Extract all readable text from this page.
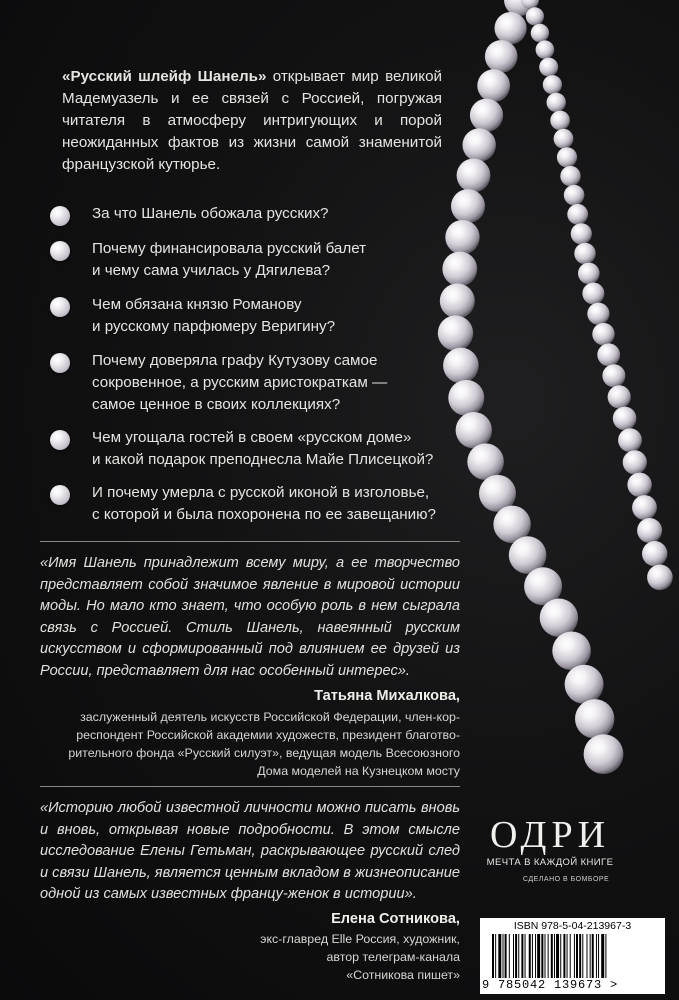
«Русский шлейф Шанель» открывает мир великой Мадемуазель и ее связей с Россией, погружая читателя в атмосферу интригующих и порой неожиданных фактов из жизни самой знаменитой французской кутюрье.
За что Шанель обожала русских?
Почему финансировала русский балет
и чему сама училась у Дягилева?
Чем обязана князю Романову
и русскому парфюмеру Веригину?
Почему доверяла графу Кутузову самое
сокровенное, а русским аристократкам —
самое ценное в своих коллекциях?
Чем угощала гостей в своем «русском доме»
и какой подарок преподнесла Майе Плисецкой?
И почему умерла с русской иконой в изголовье,
с которой и была похоронена по ее завещанию?
«Имя Шанель принадлежит всему миру, а ее творчество представляет собой значимое явление в мировой истории моды. Но мало кто знает, что особую роль в нем сыграла связь с Россией. Стиль Шанель, навеянный русским искусством и сформированный под влиянием ее друзей из России, представляет для нас особенный интерес».
Татьяна Михалкова,
заслуженный деятель искусств Российской Федерации, член-кор-
респондент Российской академии художеств, президент благотво-
рительного фонда «Русский силуэт», ведущая модель Всесоюзного
Дома моделей на Кузнецком мосту
«Историю любой известной личности можно писать вновь и вновь, открывая новые подробности. В этом смысле исследование Елены Гетьман, раскрывающее русский след и связи Шанель, является ценным вкладом в жизнеописание одной из самых известных францу-женок в истории».
Елена Сотникова,
экс-главред Elle Россия, художник,
автор телеграм-канала
«Сотникова пишет»
ОДРИ
МЕЧТА В КАЖДОЙ КНИГЕ
СДЕЛАНО В БОМБОРЕ
ISBN 978-5-04-213967-3
9 785042 139673 >
